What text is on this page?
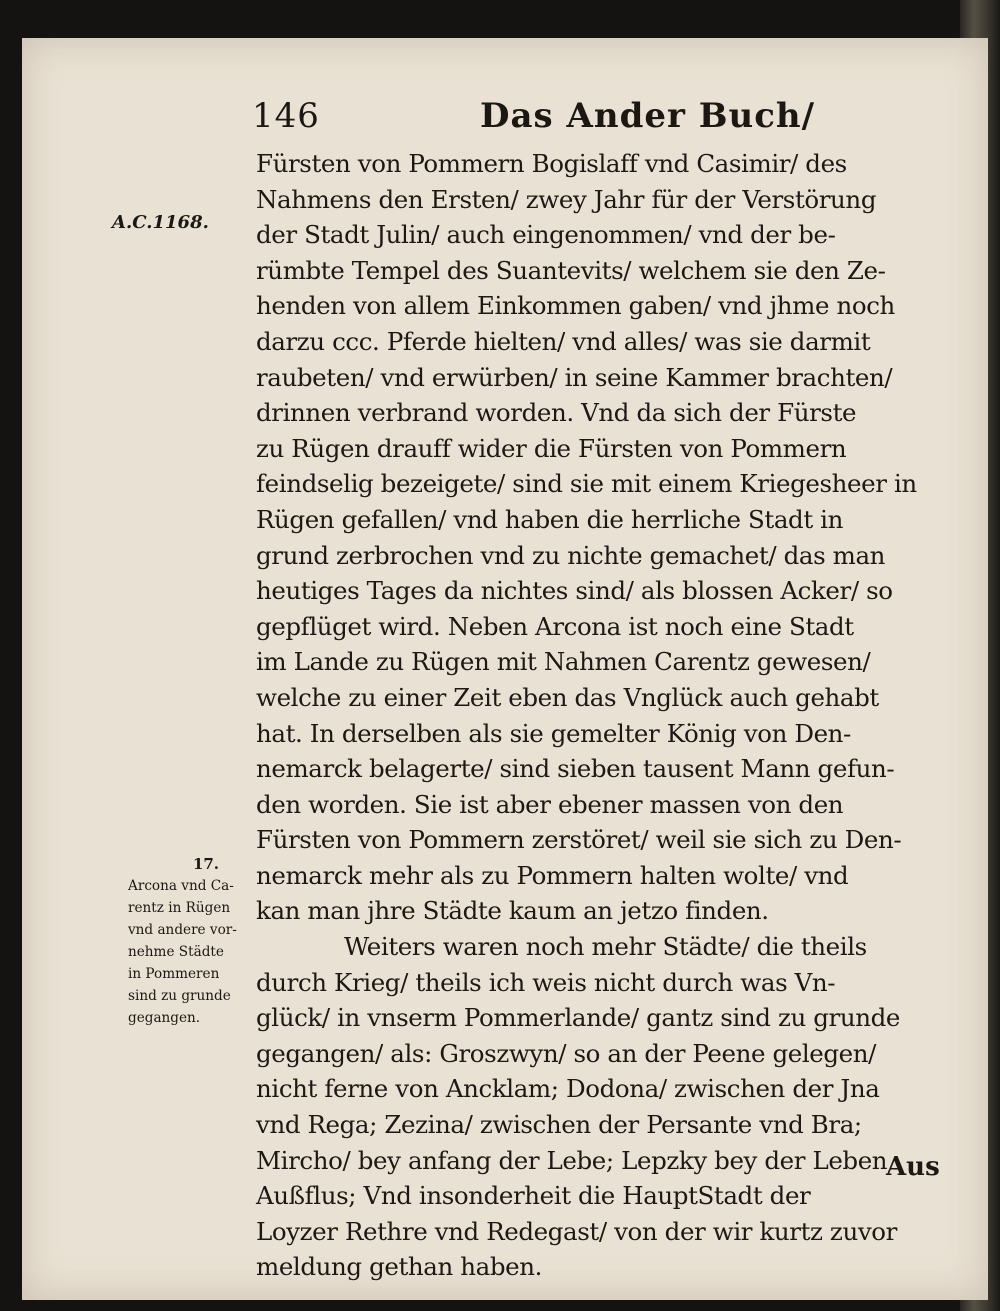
146	Das Ander Buch/
A.C.1168.
17.
Arcona vnd Ca-
rentz in Rügen
vnd andere vor-
nehme Städte
in Pommeren
sind zu grunde
gegangen.
Fürsten von Pommern Bogislaff vnd Casimir/ des
Nahmens den Ersten/ zwey Jahr für der Verstörung
der Stadt Julin/ auch eingenommen/ vnd der be-
rümbte Tempel des Suantevits/ welchem sie den Ze-
henden von allem Einkommen gaben/ vnd jhme noch
darzu ccc. Pferde hielten/ vnd alles/ was sie darmit
raubeten/ vnd erwürben/ in seine Kammer brachten/
drinnen verbrand worden. Vnd da sich der Fürste
zu Rügen drauff wider die Fürsten von Pommern
feindselig bezeigete/ sind sie mit einem Kriegesheer in
Rügen gefallen/ vnd haben die herrliche Stadt in
grund zerbrochen vnd zu nichte gemachet/ das man
heutiges Tages da nichtes sind/ als blossen Acker/ so
gepflüget wird. Neben Arcona ist noch eine Stadt
im Lande zu Rügen mit Nahmen Carentz gewesen/
welche zu einer Zeit eben das Vnglück auch gehabt
hat. In derselben als sie gemelter König von Den-
nemarck belagerte/ sind sieben tausent Mann gefun-
den worden. Sie ist aber ebener massen von den
Fürsten von Pommern zerstöret/ weil sie sich zu Den-
nemarck mehr als zu Pommern halten wolte/ vnd
kan man jhre Städte kaum an jetzo finden.
Weiters waren noch mehr Städte/ die theils
durch Krieg/ theils ich weis nicht durch was Vn-
glück/ in vnserm Pommerlande/ gantz sind zu grunde
gegangen/ als: Groszwyn/ so an der Peene gelegen/
nicht ferne von Ancklam; Dodona/ zwischen der Jna
vnd Rega; Zezina/ zwischen der Persante vnd Bra;
Mircho/ bey anfang der Lebe; Lepzky bey der Leben
Außflus; Vnd insonderheit die HauptStadt der
Loyzer Rethre vnd Redegast/ von der wir kurtz zuvor
meldung gethan haben.
Aus
